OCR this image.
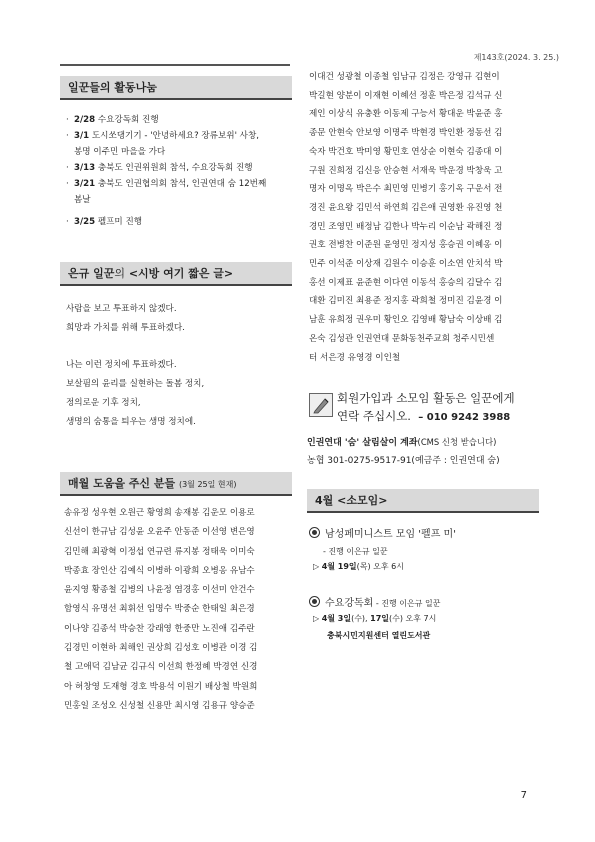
제143호(2024. 3. 25.)
일꾼들의 활동나눔
· 2/28 수요강독회 진행
· 3/1 도시쏘댕기기 - '안녕하세요? 장류보위' 사창,
봉명 이주민 마을을 가다
· 3/13 충북도 인권위원회 참석, 수요강독회 진행
· 3/21 충북도 인권협의회 참석, 인권연대 숨 12번째
봄날
· 3/25 펠프미 진행
은규 일꾼의 <시방 여기 짧은 글>

사람을 보고 투표하지 않겠다.

희망과 가치를 위해 투표하겠다.

나는 이런 정치에 투표하겠다.

보살핌의 윤리를 실현하는 돌봄 정치,

정의로운 기후 정치,

생명의 숨통을 틔우는 생명 정치에.

매월 도움을 주신 분들 (3월 25일 현재)
송유정 성우현 오원근 황영희 송재봉 김운모 이용로
신선이 한규남 김성윤 오윤주 안동준 이선영 변은영
김민해 최광혁 이정섭 연규련 류지봉 정태욱 이미숙
박종효 장인산 김예식 이병하 이광희 오병옹 유남수
윤지영 황종철 김병의 나윤정 염경홍 이선미 안건수
함영식 유명선 최휘선 임명수 박중순 한태일 최은경
이나양 김종석 박승찬 강래영 한중만 노진애 김주란
김경민 이현하 최해인 권상희 김성호 이병관 이경 김
철 고애덕 김남균 김규식 이선희 한정혜 박경연 신경
아 허창영 도재형 경호 박용석 이원기 배상철 박원희
민홍일 조성오 신성철 신용만 최시영 김용규 양승준
이대건 성광철 이종철 임남규 김정은 강영규 김현이
박길현 양분이 이재현 이혜선 정훈 박은정 김석규 신
제인 이상식 유충환 이동제 구능서 황대운 박윤준 홍
종문 안현숙 안보영 이명주 박현경 박인환 정동선 김
숙자 박건호 박미영 황민호 연상순 이현숙 김종대 이
구원 진희정 김신응 안승현 서재욱 박운경 박창욱 고
명자 이명옥 박은수 최민영 민병기 홍기옥 구운서 전
경진 윤요왕 김민석 하연희 김은애 권영환 유진영 천
경민 조영민 배정남 김한나 박누리 이순남 곽해진 정
권호 전병찬 이준원 윤영민 정지성 홍승권 이혜옹 이
민주 이석준 이상재 김원수 이승훈 이소연 안치석 박
홍선 이제표 윤준현 이다연 이동석 홍승의 김달수 김
대환 김미진 최용준 정지홍 곽희철 정미진 김윤경 이
남훈 유희정 권우미 황인오 김영배 황남숙 이상배 김
온숙 김성관 인권연대 문화동천주교회 청주시민센
터 서은경 유영경 이인철
회원가입과 소모임 활동은 일꾼에게
연락 주십시오. – 010 9242 3988
인권연대 '숨' 살림살이 계좌(CMS 신청 받습니다)
농협 301-0275-9517-91(예금주 : 인권연대 숨)
4월 <소모임>
남성페미니스트 모임 '펠프 미'
- 진행 이은규 일꾼
▷ 4월 19일(목) 오후 6시
수요강독회 - 진행 이은규 일꾼
▷ 4월 3일(수), 17일(수) 오후 7시
충북시민지원센터 열린도서관
7
